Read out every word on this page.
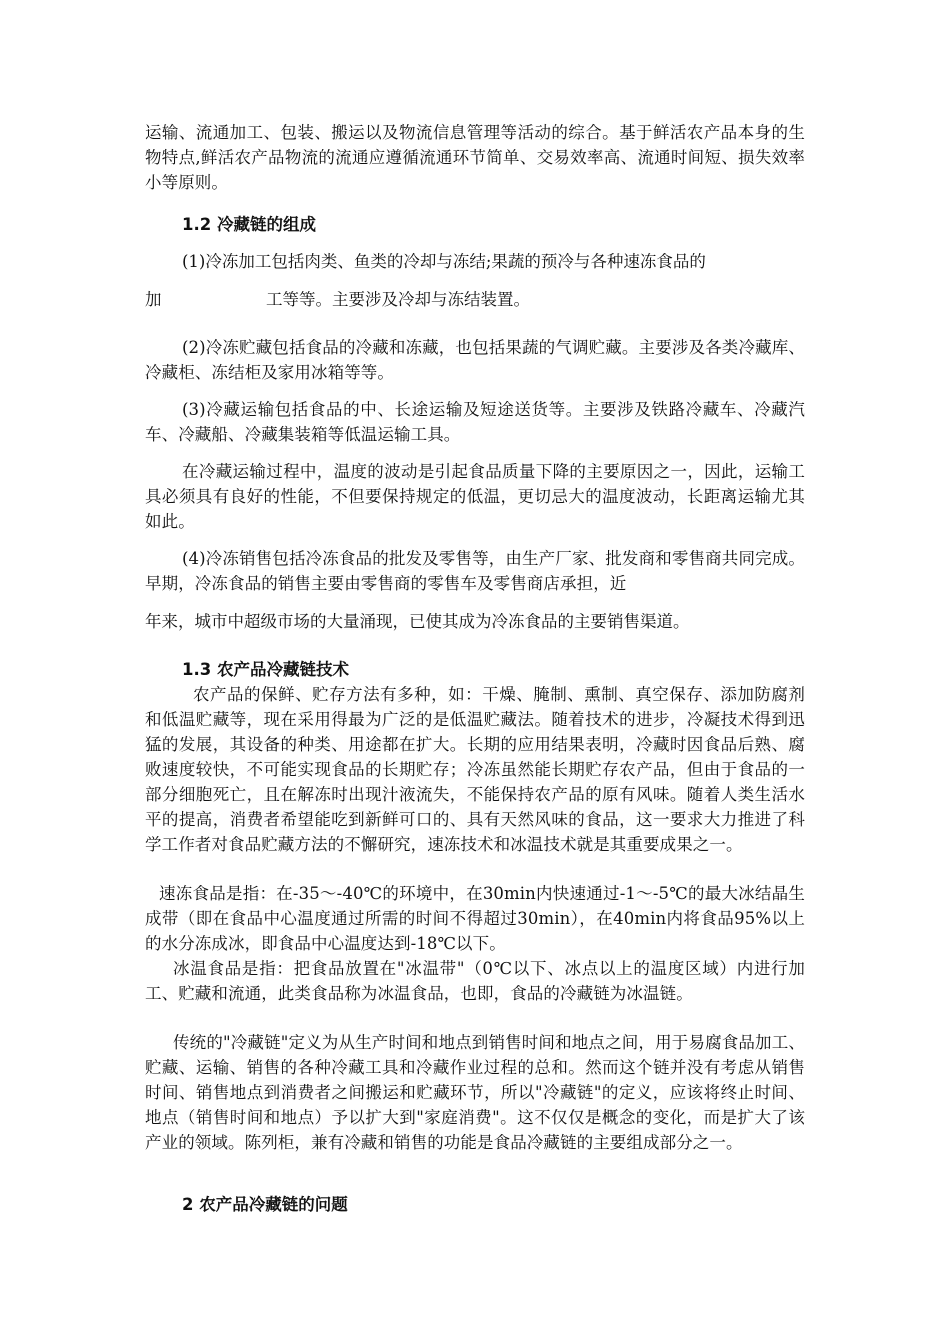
运输、流通加工、包装、搬运以及物流信息管理等活动的综合。基于鲜活农产品本身的生物特点,鲜活农产品物流的流通应遵循流通环节简单、交易效率高、流通时间短、损失效率小等原则。

1.2 冷藏链的组成

(1)冷冻加工包括肉类、鱼类的冷却与冻结;果蔬的预冷与各种速冻食品的

加	工等等。主要涉及冷却与冻结装置。

(2)冷冻贮藏包括食品的冷藏和冻藏，也包括果蔬的气调贮藏。主要涉及各类冷藏库、冷藏柜、冻结柜及家用冰箱等等。

(3)冷藏运输包括食品的中、长途运输及短途送货等。主要涉及铁路冷藏车、冷藏汽车、冷藏船、冷藏集装箱等低温运输工具。

在冷藏运输过程中，温度的波动是引起食品质量下降的主要原因之一，因此，运输工具必须具有良好的性能，不但要保持规定的低温，更切忌大的温度波动，长距离运输尤其如此。

(4)冷冻销售包括冷冻食品的批发及零售等，由生产厂家、批发商和零售商共同完成。早期，冷冻食品的销售主要由零售商的零售车及零售商店承担，近

年来，城市中超级市场的大量涌现，已使其成为冷冻食品的主要销售渠道。

1.3 农产品冷藏链技术

农产品的保鲜、贮存方法有多种，如：干燥、腌制、熏制、真空保存、添加防腐剂和低温贮藏等，现在采用得最为广泛的是低温贮藏法。随着技术的进步，冷凝技术得到迅猛的发展，其设备的种类、用途都在扩大。长期的应用结果表明，冷藏时因食品后熟、腐败速度较快，不可能实现食品的长期贮存；冷冻虽然能长期贮存农产品，但由于食品的一部分细胞死亡，且在解冻时出现汁液流失，不能保持农产品的原有风味。随着人类生活水平的提高，消费者希望能吃到新鲜可口的、具有天然风味的食品，这一要求大力推进了科学工作者对食品贮藏方法的不懈研究，速冻技术和冰温技术就是其重要成果之一。

速冻食品是指：在-35～-40℃的环境中，在30min内快速通过-1～-5℃的最大冰结晶生成带（即在食品中心温度通过所需的时间不得超过30min），在40min内将食品95%以上的水分冻成冰，即食品中心温度达到-18℃以下。

冰温食品是指：把食品放置在"冰温带"（0℃以下、冰点以上的温度区域）内进行加工、贮藏和流通，此类食品称为冰温食品，也即，食品的冷藏链为冰温链。

传统的"冷藏链"定义为从生产时间和地点到销售时间和地点之间，用于易腐食品加工、贮藏、运输、销售的各种冷藏工具和冷藏作业过程的总和。然而这个链并没有考虑从销售时间、销售地点到消费者之间搬运和贮藏环节，所以"冷藏链"的定义，应该将终止时间、地点（销售时间和地点）予以扩大到"家庭消费"。这不仅仅是概念的变化，而是扩大了该产业的领域。陈列柜，兼有冷藏和销售的功能是食品冷藏链的主要组成部分之一。

2 农产品冷藏链的问题
